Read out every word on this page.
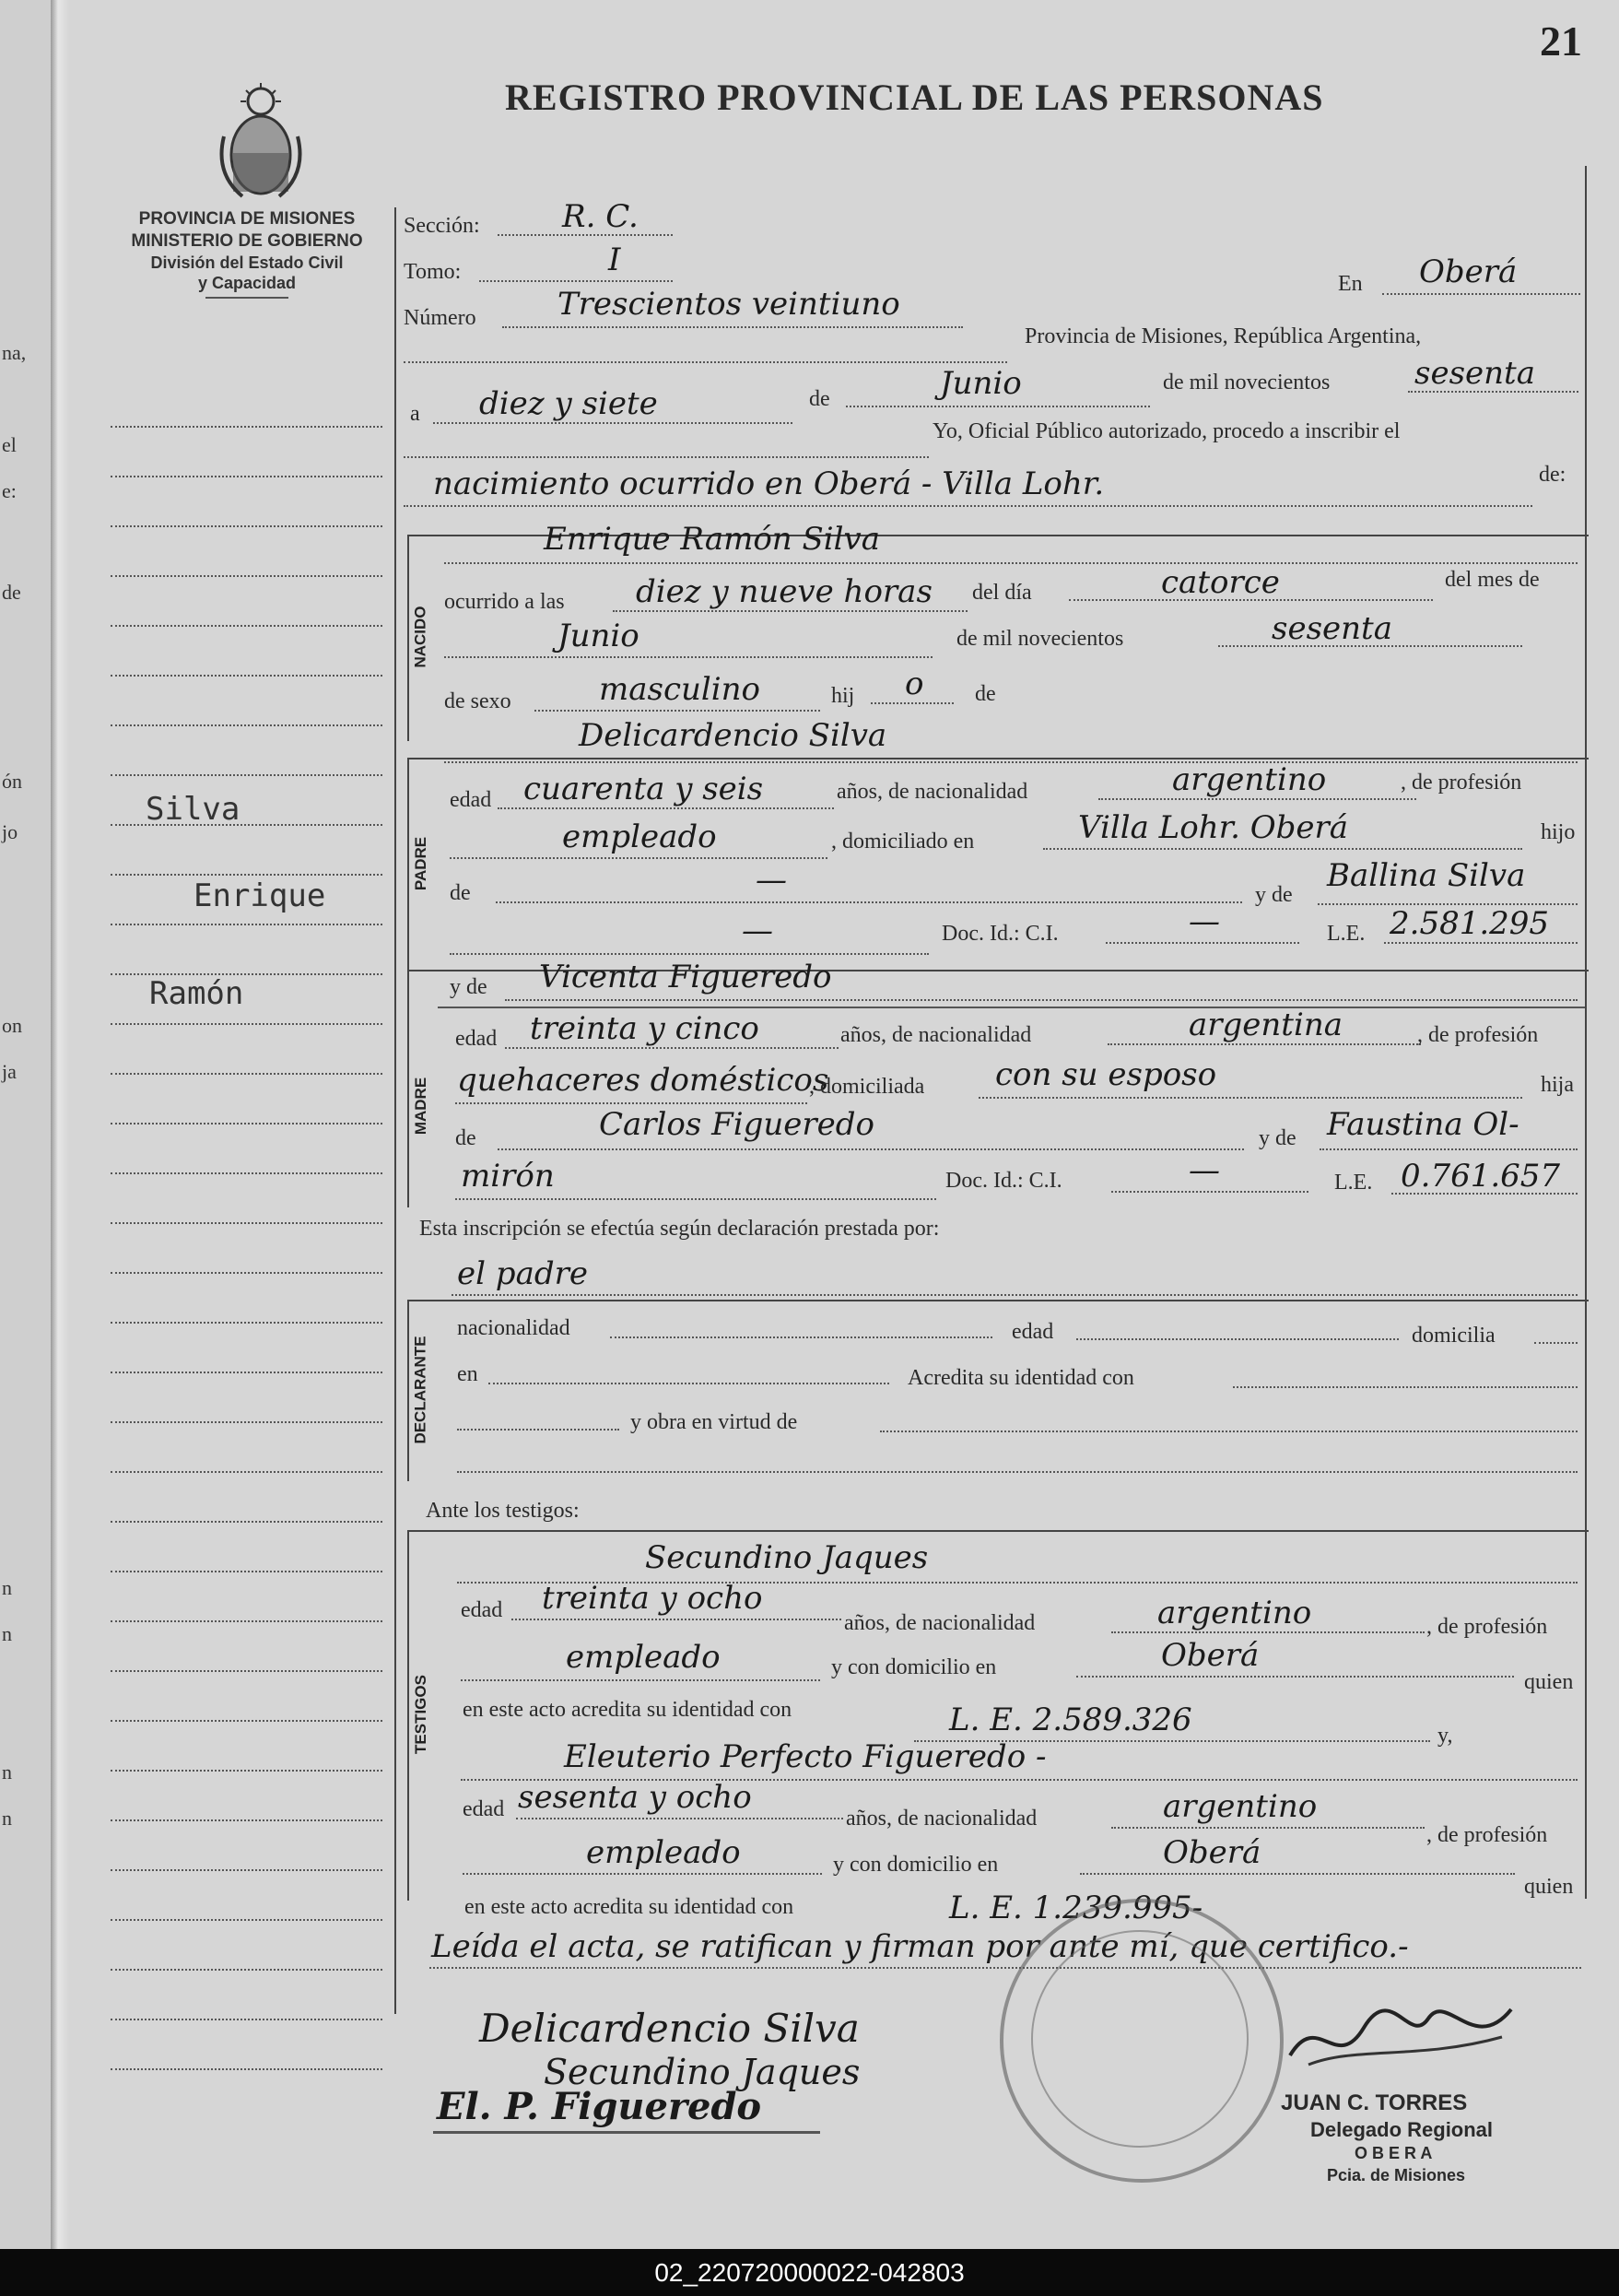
na,
el
e:
de
ón
jo
on
ja
n
n
n
n
21
REGISTRO PROVINCIAL DE LAS PERSONAS
PROVINCIA DE MISIONES
MINISTERIO DE GOBIERNO
División del Estado Civil
y Capacidad
Silva
Enrique
Ramón
Sección:	R. C.
Tomo:	I
En Oberá
Número	Trescientos veintiuno
Provincia de Misiones, República Argentina,
a diez y siete	de	Junio	de mil novecientos	sesenta
Yo, Oficial Público autorizado, procedo a inscribir el
nacimiento ocurrido en Oberá - Villa Lohr.	de:
NACIDO
Enrique Ramón Silva
ocurrido a las diez y nueve horas del día	catorce	del mes de
Junio	de mil novecientos	sesenta
de sexo	masculino	hij o de
PADRE
Delicardencio Silva
edad cuarenta y seis	años, de nacionalidad	argentino	, de profesión
empleado	, domiciliado en	Villa Lohr. Oberá	hijo
de	—	y de
Ballina Silva
—	Doc. Id.: C.I.	—	L.E. 2.581.295
MADRE
y de Vicenta Figueredo
edad treinta y cinco	años, de nacionalidad	argentina	, de profesión
quehaceres domésticos
, domiciliada con su esposo	hija
de	Carlos Figueredo	y de Faustina Ol-
mirón	Doc. Id.: C.I.	—	L.E. 0.761.657
Esta inscripción se efectúa según declaración prestada por:
el padre
DECLARANTE
nacionalidad	edad	domicilia
en	Acredita su identidad con
y obra en virtud de
Ante los testigos:
TESTIGOS
Secundino Jaques
edad treinta y ocho
años, de nacionalidad	argentino	, de profesión
empleado	y con domicilio en	Oberá
quien
en este acto acredita su identidad con	L. E. 2.589.326	y,
Eleuterio Perfecto Figueredo -
edad sesenta y ocho
años, de nacionalidad	argentino
, de profesión
empleado	y con domicilio en	Oberá
quien
en este acto acredita su identidad con	L. E. 1.239.995-
Leída el acta, se ratifican y firman por ante mí, que certifico.-
Delicardencio Silva
Secundino Jaques
El. P. Figueredo	JUAN C. TORRES
Delegado Regional
O B E R A
Pcia. de Misiones
02_220720000022-042803
